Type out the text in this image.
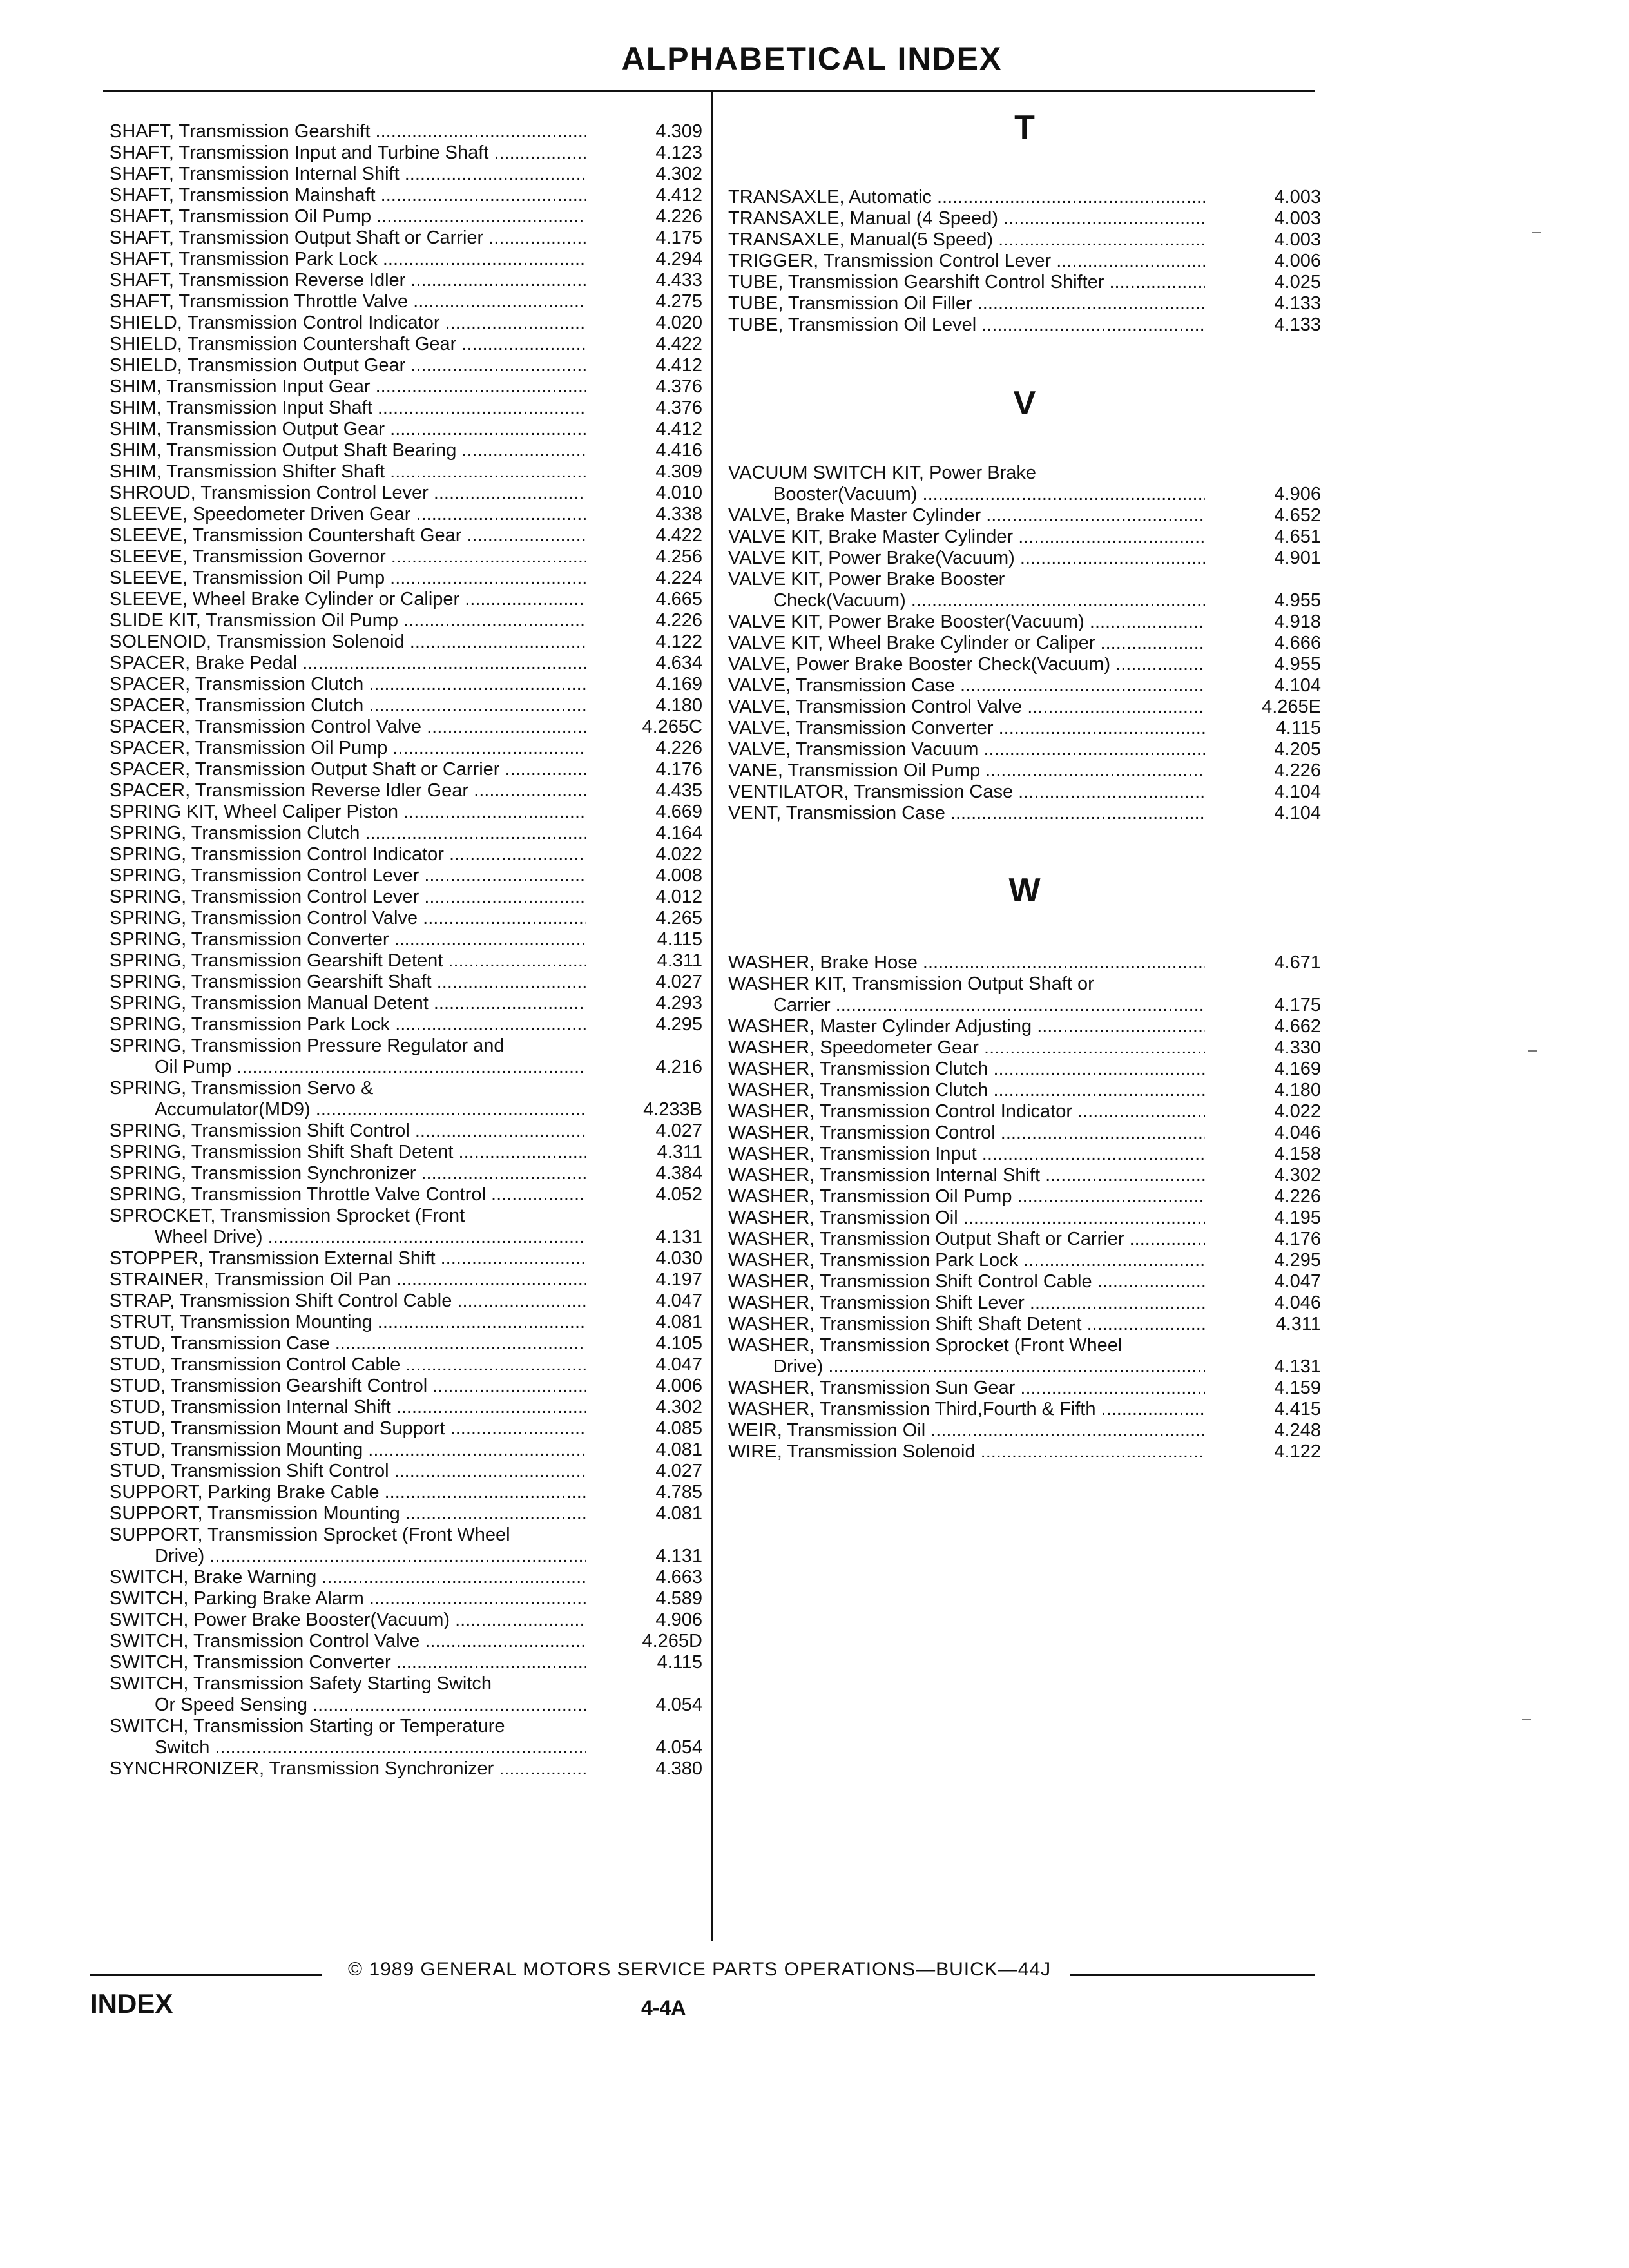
ALPHABETICAL INDEX
SHAFT, Transmission Gearshift .....	4.309
SHAFT, Transmission Input and Turbine Shaft .....	4.123
SHAFT, Transmission Internal Shift .....	4.302
SHAFT, Transmission Mainshaft .....	4.412
SHAFT, Transmission Oil Pump .....	4.226
SHAFT, Transmission Output Shaft or Carrier .....	4.175
SHAFT, Transmission Park Lock .....	4.294
SHAFT, Transmission Reverse Idler .....	4.433
SHAFT, Transmission Throttle Valve .....	4.275
SHIELD, Transmission Control Indicator .....	4.020
SHIELD, Transmission Countershaft Gear .....	4.422
SHIELD, Transmission Output Gear .....	4.412
SHIM, Transmission Input Gear .....	4.376
SHIM, Transmission Input Shaft .....	4.376
SHIM, Transmission Output Gear .....	4.412
SHIM, Transmission Output Shaft Bearing .....	4.416
SHIM, Transmission Shifter Shaft .....	4.309
SHROUD, Transmission Control Lever .....	4.010
SLEEVE, Speedometer Driven Gear .....	4.338
SLEEVE, Transmission Countershaft Gear .....	4.422
SLEEVE, Transmission Governor .....	4.256
SLEEVE, Transmission Oil Pump .....	4.224
SLEEVE, Wheel Brake Cylinder or Caliper .....	4.665
SLIDE KIT, Transmission Oil Pump .....	4.226
SOLENOID, Transmission Solenoid .....	4.122
SPACER, Brake Pedal .....	4.634
SPACER, Transmission Clutch .....	4.169
SPACER, Transmission Clutch .....	4.180
SPACER, Transmission Control Valve .....	4.265C
SPACER, Transmission Oil Pump .....	4.226
SPACER, Transmission Output Shaft or Carrier .....	4.176
SPACER, Transmission Reverse Idler Gear .....	4.435
SPRING KIT, Wheel Caliper Piston .....	4.669
SPRING, Transmission Clutch .....	4.164
SPRING, Transmission Control Indicator .....	4.022
SPRING, Transmission Control Lever .....	4.008
SPRING, Transmission Control Lever .....	4.012
SPRING, Transmission Control Valve .....	4.265
SPRING, Transmission Converter .....	4.115
SPRING, Transmission Gearshift Detent .....	4.311
SPRING, Transmission Gearshift Shaft .....	4.027
SPRING, Transmission Manual Detent .....	4.293
SPRING, Transmission Park Lock .....	4.295
SPRING, Transmission Pressure Regulator and
Oil Pump .....	4.216
SPRING, Transmission Servo &
Accumulator(MD9) .....	4.233B
SPRING, Transmission Shift Control .....	4.027
SPRING, Transmission Shift Shaft Detent .....	4.311
SPRING, Transmission Synchronizer .....	4.384
SPRING, Transmission Throttle Valve Control .....	4.052
SPROCKET, Transmission Sprocket (Front
Wheel Drive) .....	4.131
STOPPER, Transmission External Shift .....	4.030
STRAINER, Transmission Oil Pan .....	4.197
STRAP, Transmission Shift Control Cable .....	4.047
STRUT, Transmission Mounting .....	4.081
STUD, Transmission Case .....	4.105
STUD, Transmission Control Cable .....	4.047
STUD, Transmission Gearshift Control .....	4.006
STUD, Transmission Internal Shift .....	4.302
STUD, Transmission Mount and Support .....	4.085
STUD, Transmission Mounting .....	4.081
STUD, Transmission Shift Control .....	4.027
SUPPORT, Parking Brake Cable .....	4.785
SUPPORT, Transmission Mounting .....	4.081
SUPPORT, Transmission Sprocket (Front Wheel
Drive) .....	4.131
SWITCH, Brake Warning .....	4.663
SWITCH, Parking Brake Alarm .....	4.589
SWITCH, Power Brake Booster(Vacuum) .....	4.906
SWITCH, Transmission Control Valve .....	4.265D
SWITCH, Transmission Converter .....	4.115
SWITCH, Transmission Safety Starting Switch
Or Speed Sensing .....	4.054
SWITCH, Transmission Starting or Temperature
Switch .....	4.054
SYNCHRONIZER, Transmission Synchronizer .....	4.380
T
TRANSAXLE, Automatic .....	4.003
TRANSAXLE, Manual (4 Speed) .....	4.003
TRANSAXLE, Manual(5 Speed) .....	4.003
TRIGGER, Transmission Control Lever .....	4.006
TUBE, Transmission Gearshift Control Shifter .....	4.025
TUBE, Transmission Oil Filler .....	4.133
TUBE, Transmission Oil Level .....	4.133
V
VACUUM SWITCH KIT, Power Brake
Booster(Vacuum) .....	4.906
VALVE, Brake Master Cylinder .....	4.652
VALVE KIT, Brake Master Cylinder .....	4.651
VALVE KIT, Power Brake(Vacuum) .....	4.901
VALVE KIT, Power Brake Booster
Check(Vacuum) .....	4.955
VALVE KIT, Power Brake Booster(Vacuum) .....	4.918
VALVE KIT, Wheel Brake Cylinder or Caliper .....	4.666
VALVE, Power Brake Booster Check(Vacuum) .....	4.955
VALVE, Transmission Case .....	4.104
VALVE, Transmission Control Valve .....	4.265E
VALVE, Transmission Converter .....	4.115
VALVE, Transmission Vacuum .....	4.205
VANE, Transmission Oil Pump .....	4.226
VENTILATOR, Transmission Case .....	4.104
VENT, Transmission Case .....	4.104
W
WASHER, Brake Hose .....	4.671
WASHER KIT, Transmission Output Shaft or
Carrier .....	4.175
WASHER, Master Cylinder Adjusting .....	4.662
WASHER, Speedometer Gear .....	4.330
WASHER, Transmission Clutch .....	4.169
WASHER, Transmission Clutch .....	4.180
WASHER, Transmission Control Indicator .....	4.022
WASHER, Transmission Control .....	4.046
WASHER, Transmission Input .....	4.158
WASHER, Transmission Internal Shift .....	4.302
WASHER, Transmission Oil Pump .....	4.226
WASHER, Transmission Oil .....	4.195
WASHER, Transmission Output Shaft or Carrier .....	4.176
WASHER, Transmission Park Lock .....	4.295
WASHER, Transmission Shift Control Cable .....	4.047
WASHER, Transmission Shift Lever .....	4.046
WASHER, Transmission Shift Shaft Detent .....	4.311
WASHER, Transmission Sprocket (Front Wheel
Drive) .....	4.131
WASHER, Transmission Sun Gear .....	4.159
WASHER, Transmission Third,Fourth & Fifth .....	4.415
WEIR, Transmission Oil .....	4.248
WIRE, Transmission Solenoid .....	4.122
© 1989 GENERAL MOTORS SERVICE PARTS OPERATIONS—BUICK—44J
INDEX	4-4A
